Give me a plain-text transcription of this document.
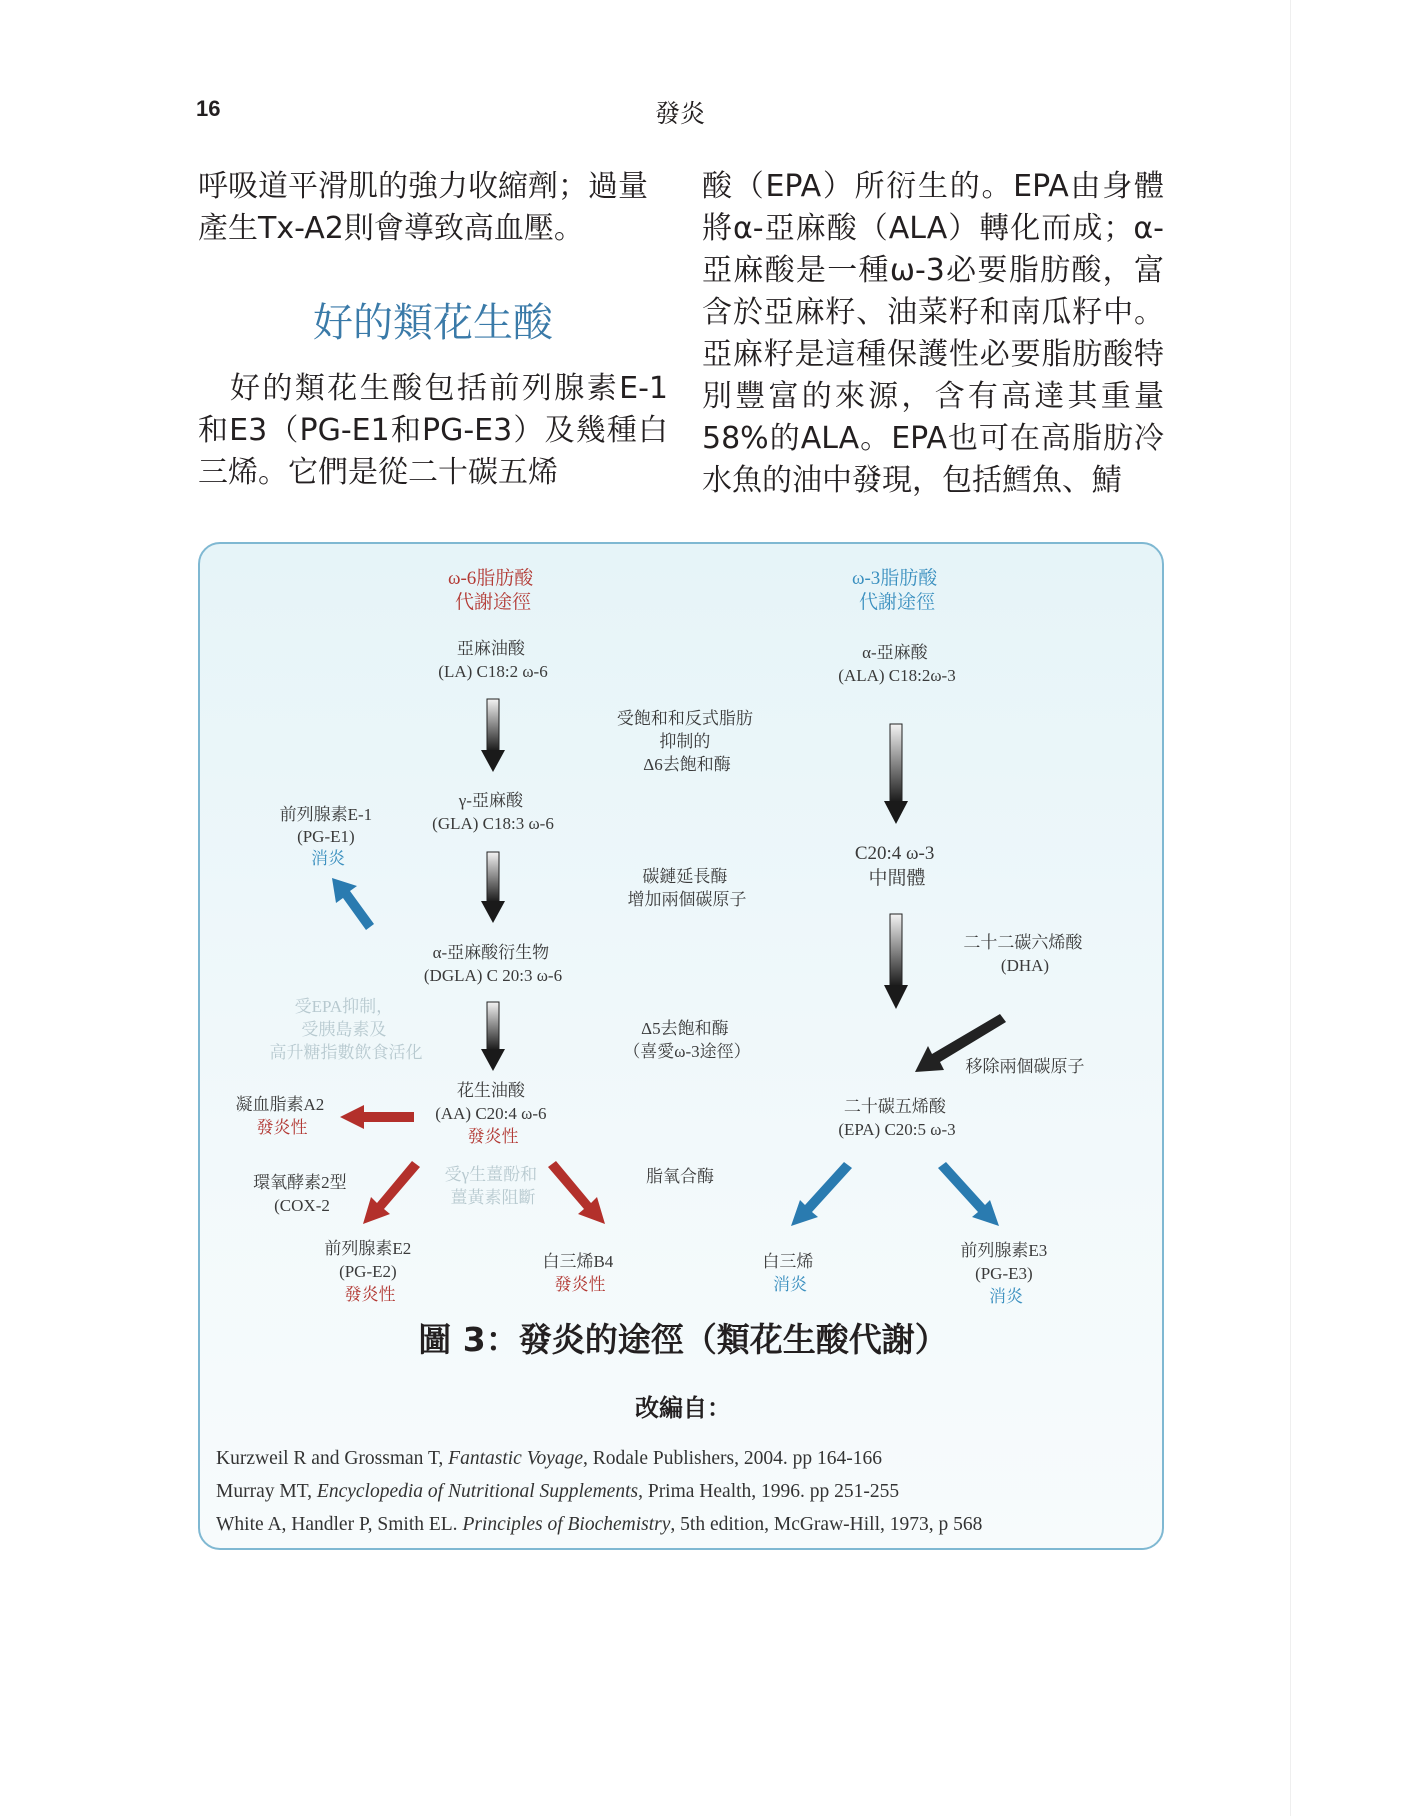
16	發炎

呼吸道平滑肌的強力收縮劑；過量產生Tx-A2則會導致高血壓。

好的類花生酸

好的類花生酸包括前列腺素E-1和E3（PG-E1和PG-E3）及幾種白三烯。它們是從二十碳五烯

酸（EPA）所衍生的。EPA由身體將α-亞麻酸（ALA）轉化而成；α-亞麻酸是一種ω-3必要脂肪酸，富含於亞麻籽、油菜籽和南瓜籽中。亞麻籽是這種保護性必要脂肪酸特別豐富的來源，含有高達其重量58%的ALA。EPA也可在高脂肪冷水魚的油中發現，包括鱈魚、鯖

ω-6脂肪酸 代謝途徑
ω-3脂肪酸 代謝途徑
亞麻油酸 (LA) C18:2 ω-6
α-亞麻酸 (ALA) C18:2ω-3
受飽和和反式脂肪 抑制的 Δ6去飽和酶
γ-亞麻酸 (GLA) C18:3 ω-6
前列腺素E-1 (PG-E1) 消炎	C20:4 ω-3 中間體
碳鏈延長酶 增加兩個碳原子
二十二碳六烯酸 (DHA)
α-亞麻酸衍生物 (DGLA) C 20:3 ω-6
受EPA抑制， 受胰島素及 高升糖指數飲食活化
Δ5去飽和酶 （喜愛ω-3途徑）
移除兩個碳原子
凝血脂素A2 發炎性
花生油酸 (AA) C20:4 ω-6 發炎性
二十碳五烯酸 (EPA) C20:5 ω-3
環氧酵素2型 (COX-2
受γ生薑酚和 薑黃素阻斷
脂氧合酶
前列腺素E2 (PG-E2) 發炎性
白三烯B4 發炎性
白三烯 消炎
前列腺素E3 (PG-E3) 消炎
圖 3：發炎的途徑（類花生酸代謝）
改編自：
Kurzweil R and Grossman T, Fantastic Voyage, Rodale Publishers, 2004. pp 164-166
Murray MT, Encyclopedia of Nutritional Supplements, Prima Health, 1996. pp 251-255
White A, Handler P, Smith EL. Principles of Biochemistry, 5th edition, McGraw-Hill, 1973, p 568
